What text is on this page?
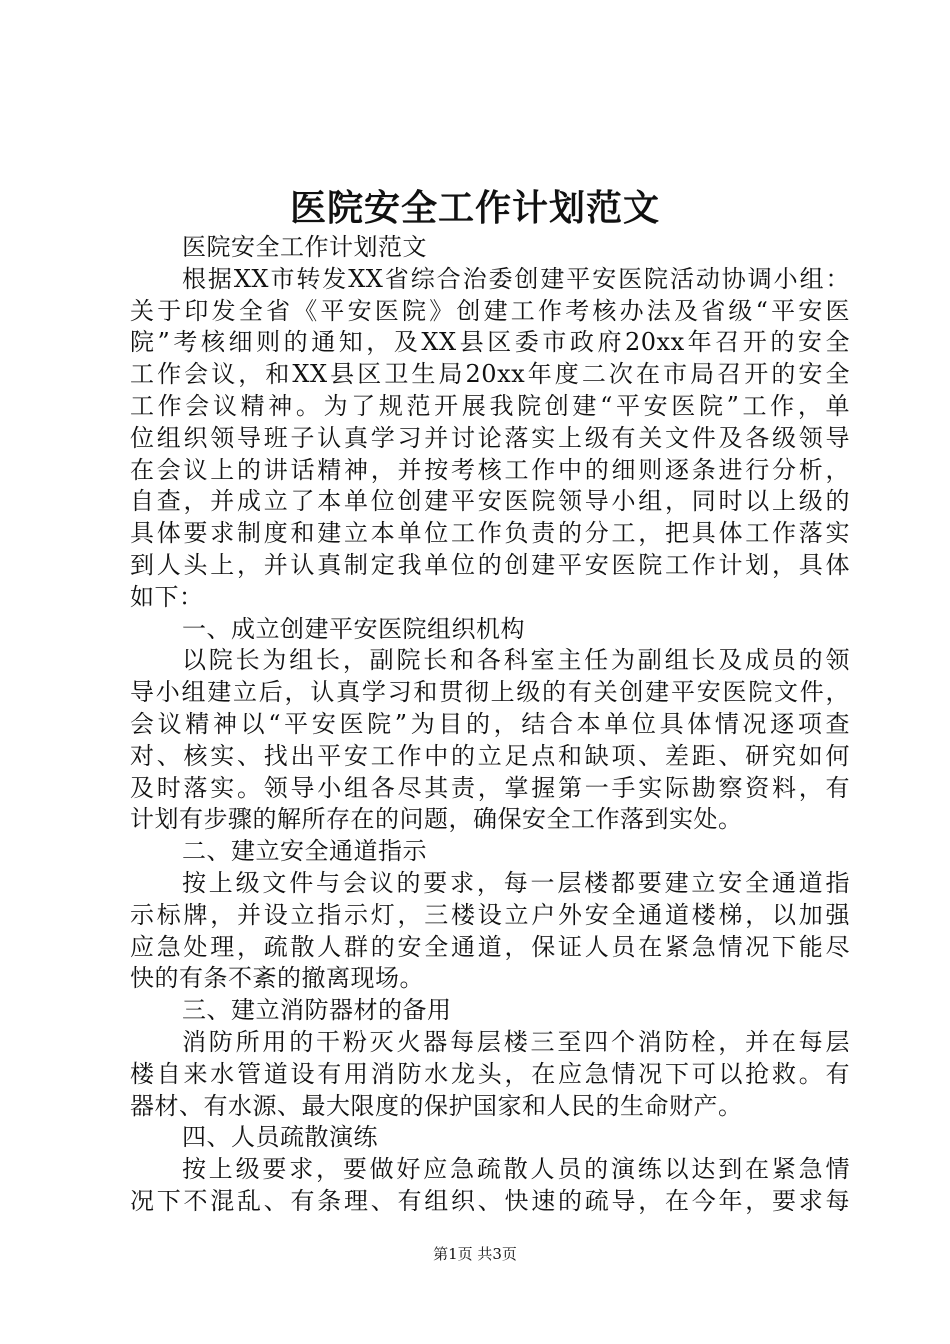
医院安全工作计划范文
医院安全工作计划范文
根据XX市转发XX省综合治委创建平安医院活动协调小组：
关于印发全省《平安医院》创建工作考核办法及省级“平安医
院”考核细则的通知，及XX县区委市政府20xx年召开的安全
工作会议，和XX县区卫生局20xx年度二次在市局召开的安全
工作会议精神。为了规范开展我院创建“平安医院”工作，单
位组织领导班子认真学习并讨论落实上级有关文件及各级领导
在会议上的讲话精神，并按考核工作中的细则逐条进行分析，
自查，并成立了本单位创建平安医院领导小组，同时以上级的
具体要求制度和建立本单位工作负责的分工，把具体工作落实
到人头上，并认真制定我单位的创建平安医院工作计划，具体
如下：
一、成立创建平安医院组织机构
以院长为组长，副院长和各科室主任为副组长及成员的领
导小组建立后，认真学习和贯彻上级的有关创建平安医院文件，
会议精神以“平安医院”为目的，结合本单位具体情况逐项查
对、核实、找出平安工作中的立足点和缺项、差距、研究如何
及时落实。领导小组各尽其责，掌握第一手实际勘察资料，有
计划有步骤的解所存在的问题，确保安全工作落到实处。
二、建立安全通道指示
按上级文件与会议的要求，每一层楼都要建立安全通道指
示标牌，并设立指示灯，三楼设立户外安全通道楼梯，以加强
应急处理，疏散人群的安全通道，保证人员在紧急情况下能尽
快的有条不紊的撤离现场。
三、建立消防器材的备用
消防所用的干粉灭火器每层楼三至四个消防栓，并在每层
楼自来水管道设有用消防水龙头，在应急情况下可以抢救。有
器材、有水源、最大限度的保护国家和人民的生命财产。
四、人员疏散演练
按上级要求，要做好应急疏散人员的演练以达到在紧急情
况下不混乱、有条理、有组织、快速的疏导，在今年，要求每
第1页 共3页
